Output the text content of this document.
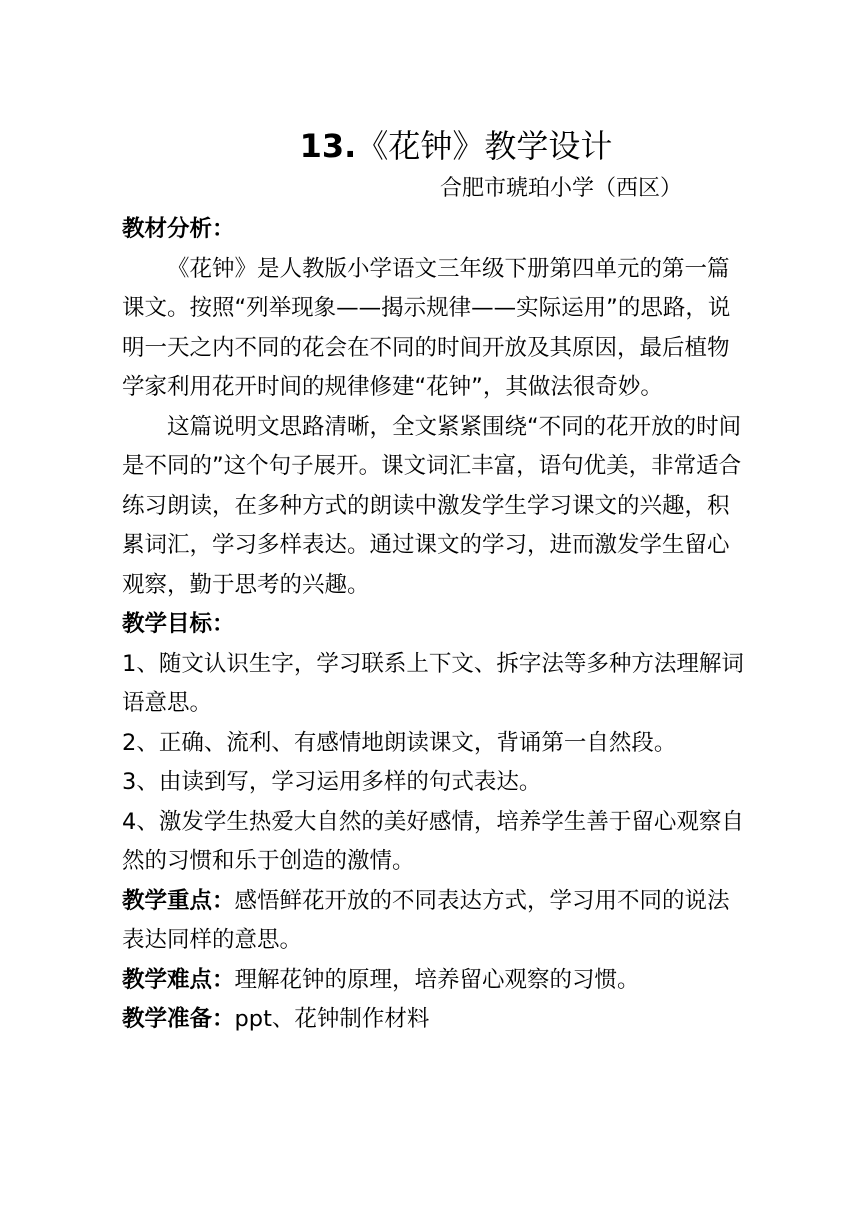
13.《花钟》教学设计
合肥市琥珀小学（西区）

教材分析：

《花钟》是人教版小学语文三年级下册第四单元的第一篇课文。按照“列举现象——揭示规律——实际运用”的思路，说明一天之内不同的花会在不同的时间开放及其原因，最后植物学家利用花开时间的规律修建“花钟”，其做法很奇妙。

这篇说明文思路清晰，全文紧紧围绕“不同的花开放的时间是不同的”这个句子展开。课文词汇丰富，语句优美，非常适合练习朗读，在多种方式的朗读中激发学生学习课文的兴趣，积累词汇，学习多样表达。通过课文的学习，进而激发学生留心观察，勤于思考的兴趣。

教学目标：

1、随文认识生字，学习联系上下文、拆字法等多种方法理解词语意思。

2、正确、流利、有感情地朗读课文，背诵第一自然段。

3、由读到写，学习运用多样的句式表达。

4、激发学生热爱大自然的美好感情，培养学生善于留心观察自然的习惯和乐于创造的激情。

教学重点：感悟鲜花开放的不同表达方式，学习用不同的说法表达同样的意思。

教学难点：理解花钟的原理，培养留心观察的习惯。

教学准备：ppt、花钟制作材料
